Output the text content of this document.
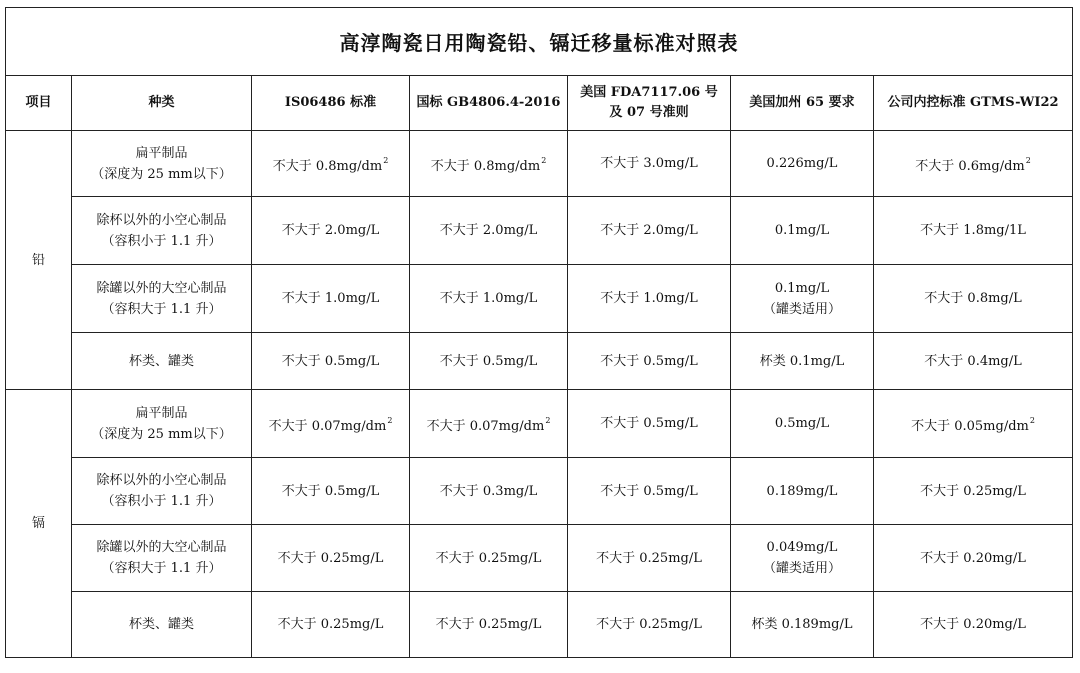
高淳陶瓷日用陶瓷铅、镉迁移量标准对照表						
项目	种类	IS06486 标准	国标 GB4806.4-2016	美国 FDA7117.06 号
及 07 号准则	美国加州 65 要求	公司内控标准 GTMS-WI22
铅	扁平制品
（深度为 25 mm以下）	不大于 $0.8mg/dm^2$	不大于 $0.8mg/dm^2$	不大于 3.0mg/L	0.226mg/L	不大于 $0.6mg/dm^2$

	除杯以外的小空心制品
（容积小于 1.1 升）	不大于 2.0mg/L	不大于 2.0mg/L	不大于 2.0mg/L	0.1mg/L	不大于 1.8mg/1L

	除罐以外的大空心制品
（容积大于 1.1 升）	不大于 1.0mg/L	不大于 1.0mg/L	不大于 1.0mg/L	0.1mg/L
（罐类适用）	不大于 0.8mg/L
	杯类、罐类	不大于 0.5mg/L	不大于 0.5mg/L	不大于 0.5mg/L	杯类 0.1mg/L	不大于 0.4mg/L
镉	扁平制品
（深度为 25 mm以下）	不大于 $0.07mg/dm^2$	不大于 $0.07mg/dm^2$	不大于 0.5mg/L	0.5mg/L	不大于 $0.05mg/dm^2$

	除杯以外的小空心制品
（容积小于 1.1 升）	不大于 0.5mg/L	不大于 0.3mg/L	不大于 0.5mg/L	0.189mg/L	不大于 0.25mg/L

	除罐以外的大空心制品
（容积大于 1.1 升）	不大于 0.25mg/L	不大于 0.25mg/L	不大于 0.25mg/L	0.049mg/L
（罐类适用）	不大于 0.20mg/L
	杯类、罐类	不大于 0.25mg/L	不大于 0.25mg/L	不大于 0.25mg/L	杯类 0.189mg/L	不大于 0.20mg/L
